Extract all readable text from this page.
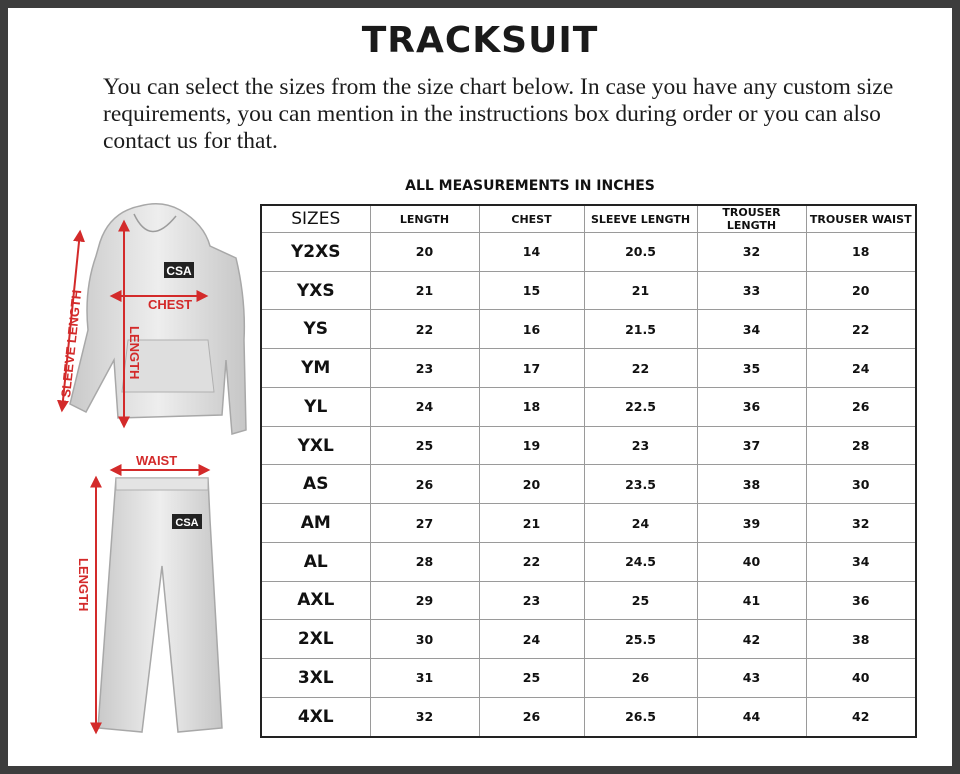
TRACKSUIT
You can select the sizes from the size chart below. In case you have any custom size requirements, you can mention in the instructions box during order or you can also contact us for that.
ALL MEASUREMENTS IN INCHES
CSA
SLEEVE LENGTH	CHEST
LENGTH
CSA
WAIST
LENGTH
SIZES	LENGTH	CHEST	SLEEVE LENGTH	TROUSER LENGTH	TROUSER WAIST
Y2XS	20	14	20.5	32	18
YXS	21	15	21	33	20
YS	22	16	21.5	34	22
YM	23	17	22	35	24
YL	24	18	22.5	36	26
YXL	25	19	23	37	28
AS	26	20	23.5	38	30
AM	27	21	24	39	32
AL	28	22	24.5	40	34
AXL	29	23	25	41	36
2XL	30	24	25.5	42	38
3XL	31	25	26	43	40
4XL	32	26	26.5	44	42
